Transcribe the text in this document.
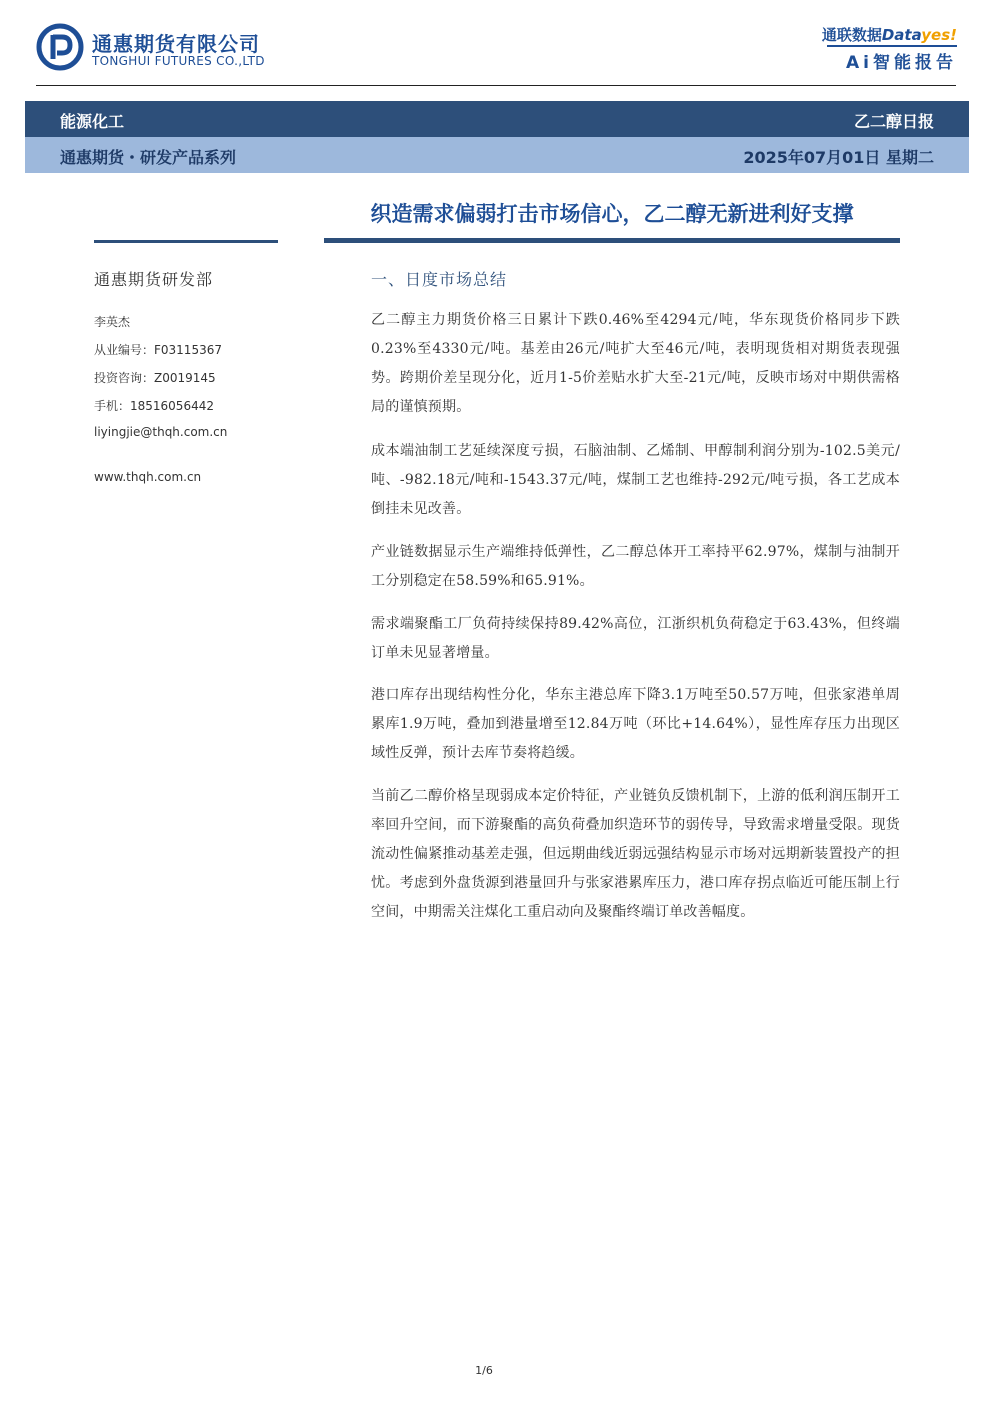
通惠期货有限公司
TONGHUI FUTURES CO.,LTD
通联数据Datayes!
Ai智能报告
能源化工	乙二醇日报
通惠期货・研发产品系列	2025年07月01日 星期二
织造需求偏弱打击市场信心，乙二醇无新进利好支撑
通惠期货研发部
李英杰
从业编号：F03115367
投资咨询：Z0019145
手机：18516056442
liyingjie@thqh.com.cn
www.thqh.com.cn
一、日度市场总结

乙二醇主力期货价格三日累计下跌0.46%至4294元/吨，华东现货价格同步下跌0.23%至4330元/吨。基差由26元/吨扩大至46元/吨，表明现货相对期货表现强势。跨期价差呈现分化，近月1-5价差贴水扩大至-21元/吨，反映市场对中期供需格局的谨慎预期。

成本端油制工艺延续深度亏损，石脑油制、乙烯制、甲醇制利润分别为-102.5美元/吨、-982.18元/吨和-1543.37元/吨，煤制工艺也维持-292元/吨亏损，各工艺成本倒挂未见改善。

产业链数据显示生产端维持低弹性，乙二醇总体开工率持平62.97%，煤制与油制开工分别稳定在58.59%和65.91%。

需求端聚酯工厂负荷持续保持89.42%高位，江浙织机负荷稳定于63.43%，但终端订单未见显著增量。

港口库存出现结构性分化，华东主港总库下降3.1万吨至50.57万吨，但张家港单周累库1.9万吨，叠加到港量增至12.84万吨（环比+14.64%），显性库存压力出现区域性反弹，预计去库节奏将趋缓。

当前乙二醇价格呈现弱成本定价特征，产业链负反馈机制下，上游的低利润压制开工率回升空间，而下游聚酯的高负荷叠加织造环节的弱传导，导致需求增量受限。现货流动性偏紧推动基差走强，但远期曲线近弱远强结构显示市场对远期新装置投产的担忧。考虑到外盘货源到港量回升与张家港累库压力，港口库存拐点临近可能压制上行空间，中期需关注煤化工重启动向及聚酯终端订单改善幅度。

1/6
